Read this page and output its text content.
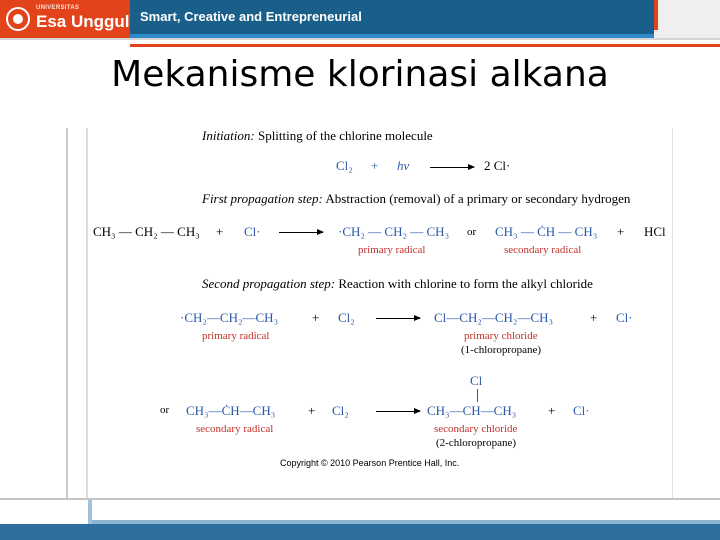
UNIVERSITAS
Esa Unggul Smart, Creative and Entrepreneurial
Mekanisme klorinasi alkana
Initiation: Splitting of the chlorine molecule
Cl₂ + hν	2 Cl·
First propagation step: Abstraction (removal) of a primary or secondary hydrogen
CH₃ — CH₂ — CH₃ + Cl·	·CH₂ — CH₂ — CH₃
primary radical
or CH₃ — ĊH — CH₃
secondary radical
+ HCl
Second propagation step: Reaction with chlorine to form the alkyl chloride
·CH₂—CH₂—CH₃
primary radical
+ Cl₂	Cl—CH₂—CH₂—CH₃
primary chloride
(1-chloropropane)
+ Cl·
or CH₃—ĊH—CH₃
secondary radical
+ Cl₂
Cl
CH₃—CH—CH₃
secondary chloride
(2-chloropropane)
+ Cl·
Copyright © 2010 Pearson Prentice Hall, Inc.
